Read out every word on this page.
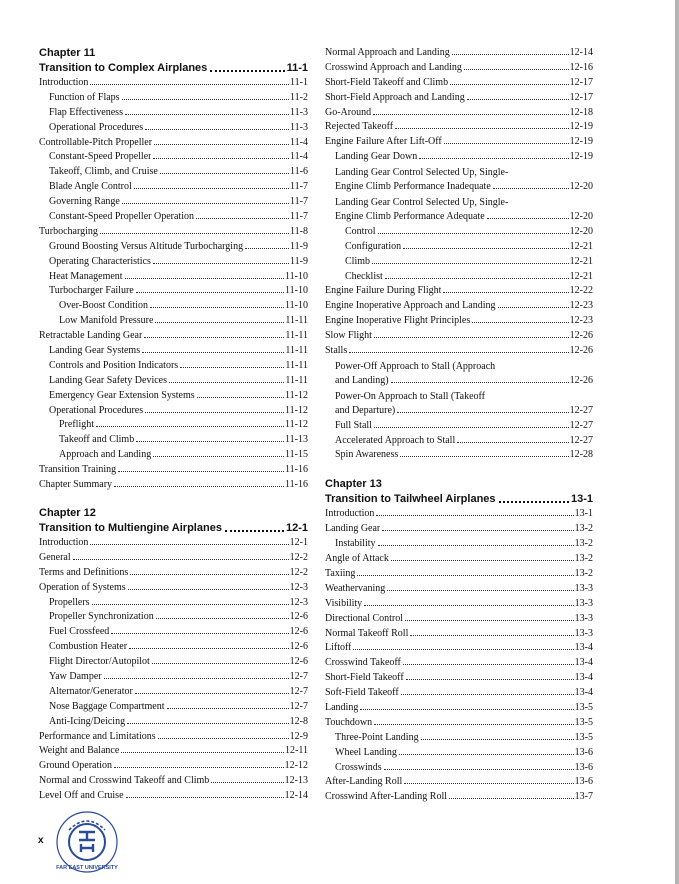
Chapter 11
Transition to Complex Airplanes	11-1
Introduction	11-1
Function of Flaps	11-2
Flap Effectiveness	11-3
Operational Procedures	11-3
Controllable-Pitch Propeller	11-4
Constant-Speed Propeller	11-4
Takeoff, Climb, and Cruise	11-6
Blade Angle Control	11-7
Governing Range	11-7
Constant-Speed Propeller Operation	11-7
Turbocharging	11-8
Ground Boosting Versus Altitude Turbocharging	11-9
Operating Characteristics	11-9
Heat Management	11-10
Turbocharger Failure	11-10
Over-Boost Condition	11-10
Low Manifold Pressure	11-11
Retractable Landing Gear	11-11
Landing Gear Systems	11-11
Controls and Position Indicators	11-11
Landing Gear Safety Devices	11-11
Emergency Gear Extension Systems	11-12
Operational Procedures	11-12
Preflight	11-12
Takeoff and Climb	11-13
Approach and Landing	11-15
Transition Training	11-16
Chapter Summary	11-16
Chapter 12
Transition to Multiengine Airplanes	12-1
Introduction	12-1
General	12-2
Terms and Definitions	12-2
Operation of Systems	12-3
Propellers	12-3
Propeller Synchronization	12-6
Fuel Crossfeed	12-6
Combustion Heater	12-6
Flight Director/Autopilot	12-6
Yaw Damper	12-7
Alternator/Generator	12-7
Nose Baggage Compartment	12-7
Anti-Icing/Deicing	12-8
Performance and Limitations	12-9
Weight and Balance	12-11
Ground Operation	12-12
Normal and Crosswind Takeoff and Climb	12-13
Level Off and Cruise	12-14
Normal Approach and Landing	12-14
Crosswind Approach and Landing	12-16
Short-Field Takeoff and Climb	12-17
Short-Field Approach and Landing	12-17
Go-Around	12-18
Rejected Takeoff	12-19
Engine Failure After Lift-Off	12-19
Landing Gear Down	12-19
Landing Gear Control Selected Up, Single-
Engine Climb Performance Inadequate	12-20
Landing Gear Control Selected Up, Single-
Engine Climb Performance Adequate	12-20
Control	12-20
Configuration	12-21
Climb	12-21
Checklist	12-21
Engine Failure During Flight	12-22
Engine Inoperative Approach and Landing	12-23
Engine Inoperative Flight Principles	12-23
Slow Flight	12-26
Stalls	12-26
Power-Off Approach to Stall (Approach
and Landing)	12-26
Power-On Approach to Stall (Takeoff
and Departure)	12-27
Full Stall	12-27
Accelerated Approach to Stall	12-27
Spin Awareness	12-28
Chapter 13
Transition to Tailwheel Airplanes	13-1
Introduction	13-1
Landing Gear	13-2
Instability	13-2
Angle of Attack	13-2
Taxiing	13-2
Weathervaning	13-3
Visibility	13-3
Directional Control	13-3
Normal Takeoff Roll	13-3
Liftoff	13-4
Crosswind Takeoff	13-4
Short-Field Takeoff	13-4
Soft-Field Takeoff	13-4
Landing	13-5
Touchdown	13-5
Three-Point Landing	13-5
Wheel Landing	13-6
Crosswinds	13-6
After-Landing Roll	13-6
Crosswind After-Landing Roll	13-7
x
FAR EAST UNIVERSITY
